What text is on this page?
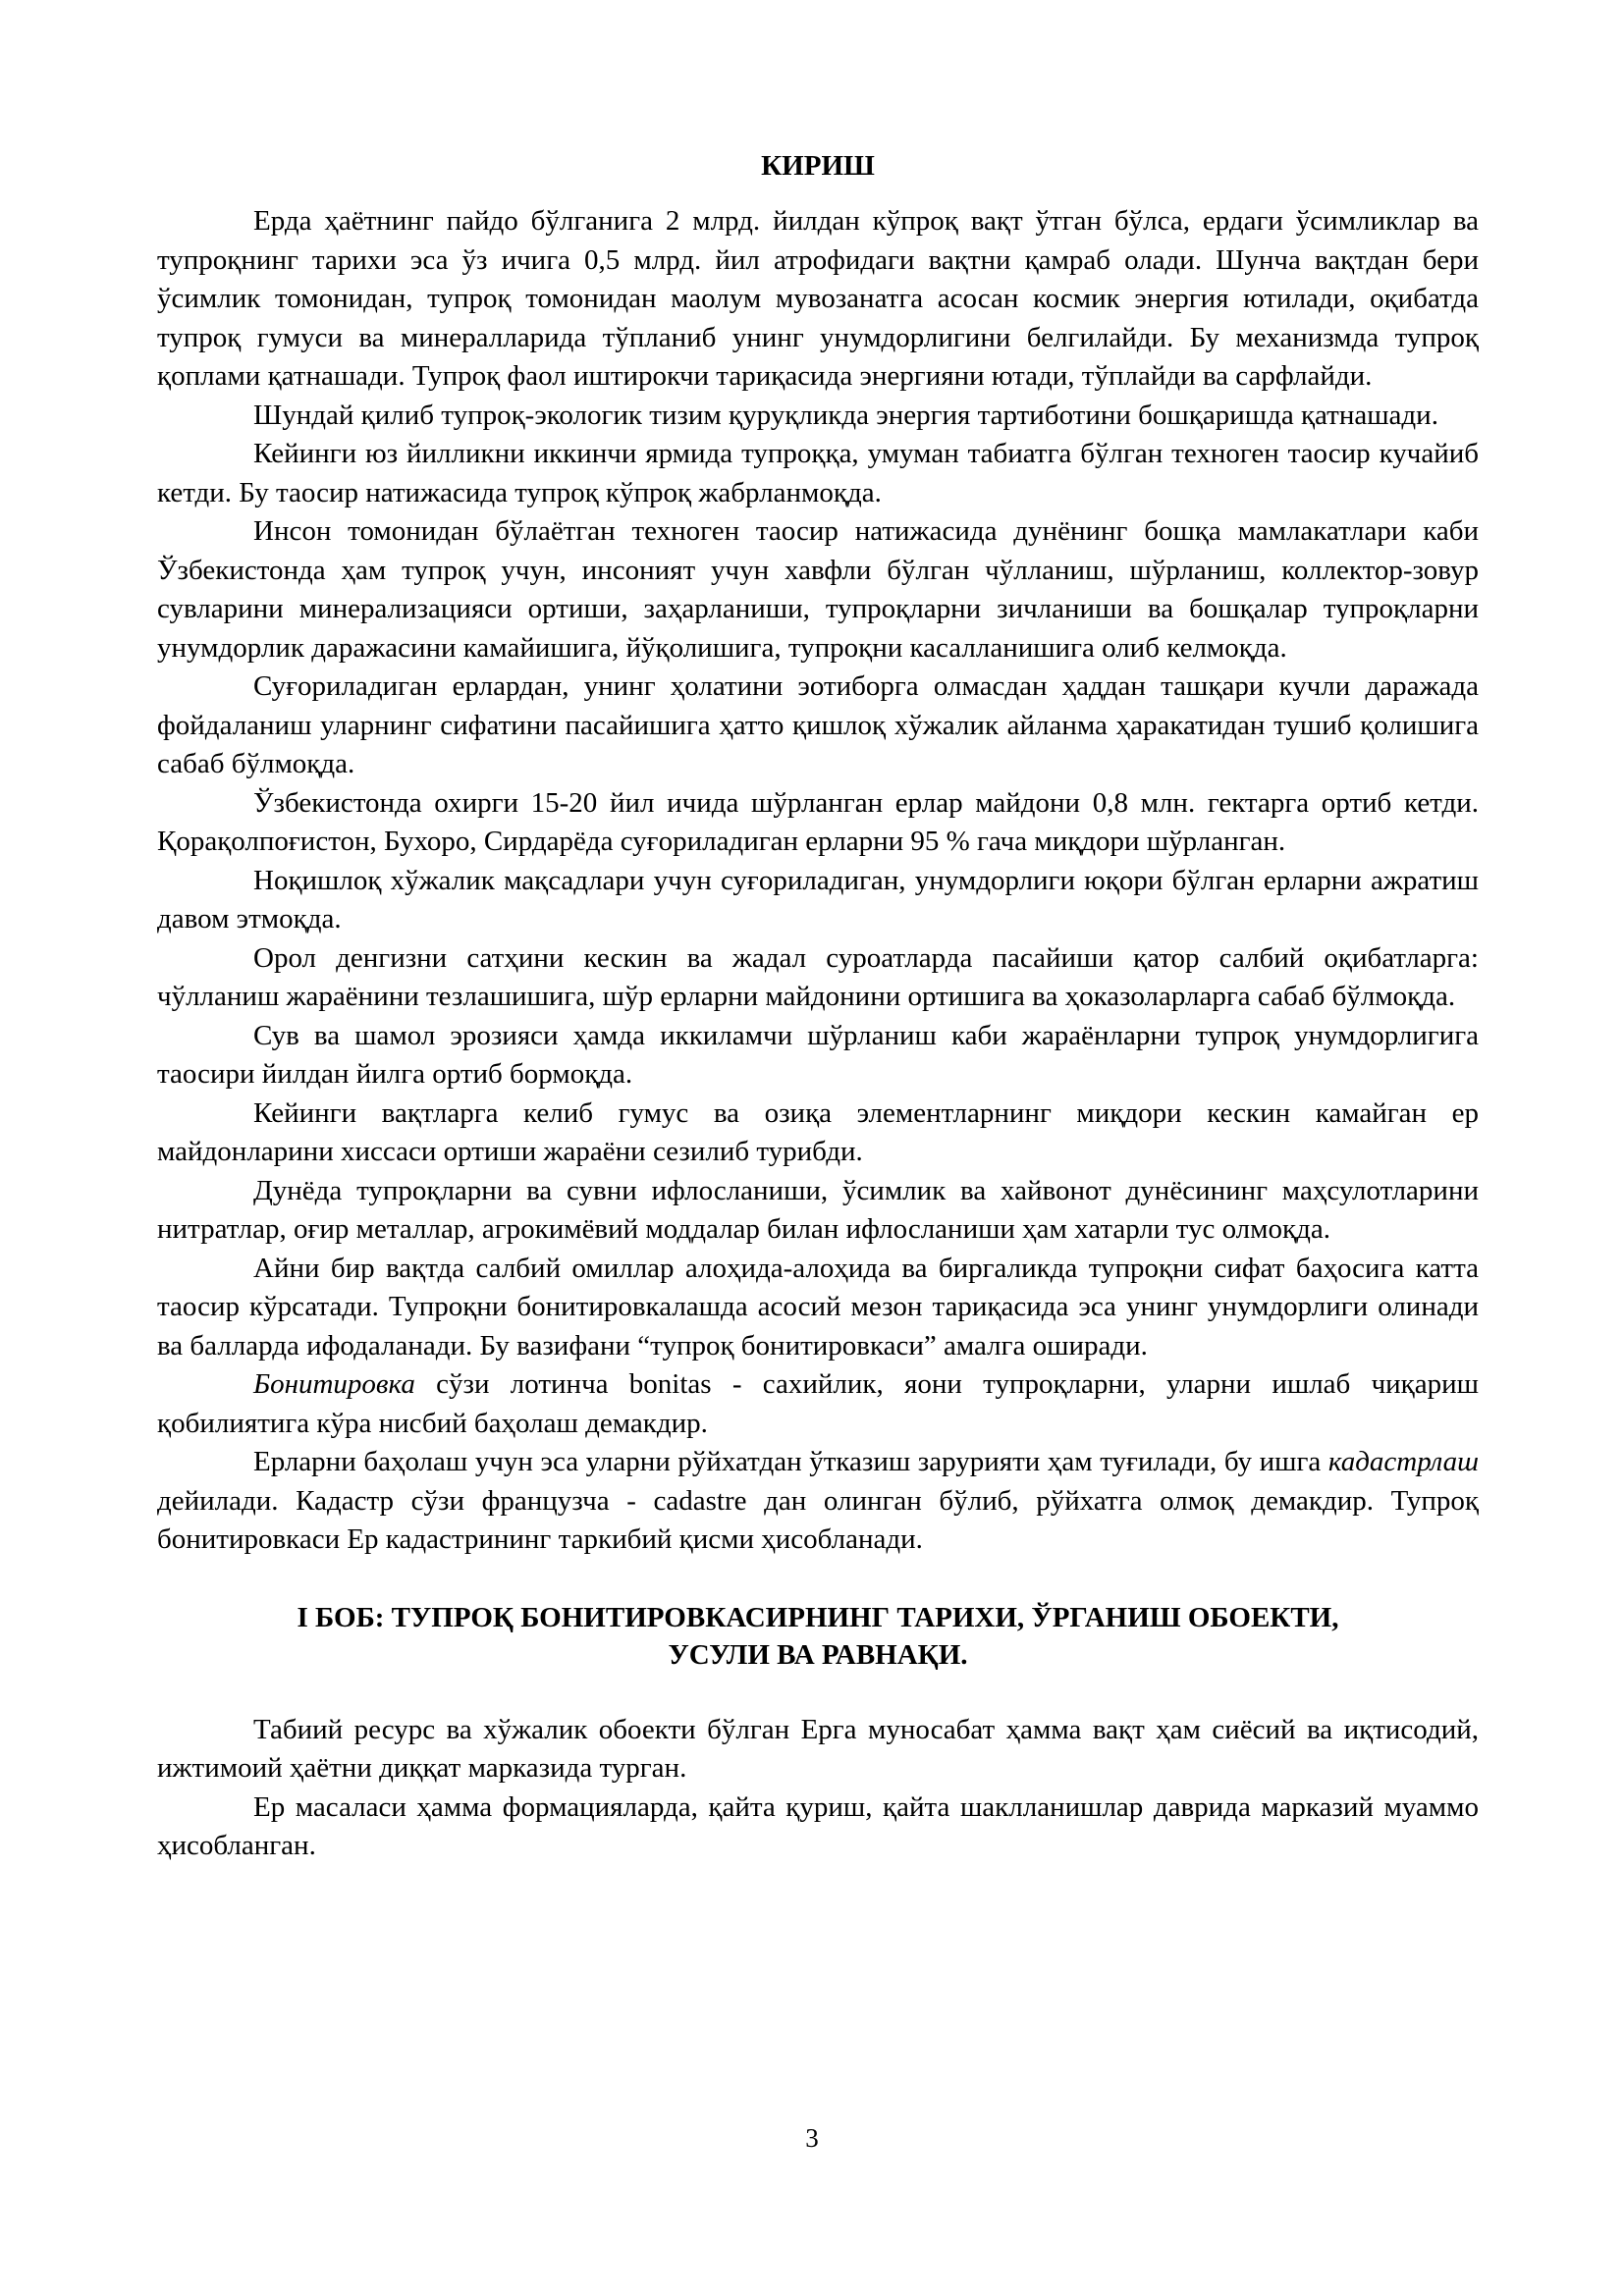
КИРИШ

Ерда ҳаётнинг пайдо бўлганига 2 млрд. йилдан кўпроқ вақт ўтган бўлса, ердаги ўсимликлар ва тупроқнинг тарихи эса ўз ичига 0,5 млрд. йил атрофидаги вақтни қамраб олади. Шунча вақтдан бери ўсимлик томонидан, тупроқ томонидан маолум мувозанатга асосан космик энергия ютилади, оқибатда тупроқ гумуси ва минералларида тўпланиб унинг унумдорлигини белгилайди. Бу механизмда тупроқ қоплами қатнашади. Тупроқ фаол иштирокчи тариқасида энергияни ютади, тўплайди ва сарфлайди.

Шундай қилиб тупроқ-экологик тизим қуруқликда энергия тартиботини бошқаришда қатнашади.

Кейинги юз йилликни иккинчи ярмида тупроққа, умуман табиатга бўлган техноген таосир кучайиб кетди. Бу таосир натижасида тупроқ кўпроқ жабрланмоқда.

Инсон томонидан бўлаётган техноген таосир натижасида дунёнинг бошқа мамлакатлари каби Ўзбекистонда ҳам тупроқ учун, инсоният учун хавфли бўлган чўлланиш, шўрланиш, коллектор-зовур сувларини минерализацияси ортиши, заҳарланиши, тупроқларни зичланиши ва бошқалар тупроқларни унумдорлик даражасини камайишига, йўқолишига, тупроқни касалланишига олиб келмоқда.

Суғориладиган ерлардан, унинг ҳолатини эотиборга олмасдан ҳаддан ташқари кучли даражада фойдаланиш уларнинг сифатини пасайишига ҳатто қишлоқ хўжалик айланма ҳаракатидан тушиб қолишига сабаб бўлмоқда.

Ўзбекистонда охирги 15-20 йил ичида шўрланган ерлар майдони 0,8 млн. гектарга ортиб кетди. Қорақолпоғистон, Бухоро, Сирдарёда суғориладиган ерларни 95 % гача миқдори шўрланган.

Ноқишлоқ хўжалик мақсадлари учун суғориладиган, унумдорлиги юқори бўлган ерларни ажратиш давом этмоқда.

Орол денгизни сатҳини кескин ва жадал суроатларда пасайиши қатор салбий оқибатларга: чўлланиш жараёнини тезлашишига, шўр ерларни майдонини ортишига ва ҳоказоларларга сабаб бўлмоқда.

Сув ва шамол эрозияси ҳамда иккиламчи шўрланиш каби жараёнларни тупроқ унумдорлигига таосири йилдан йилга ортиб бормоқда.

Кейинги вақтларга келиб гумус ва озиқа элементларнинг миқдори кескин камайган ер майдонларини хиссаси ортиши жараёни сезилиб турибди.

Дунёда тупроқларни ва сувни ифлосланиши, ўсимлик ва хайвонот дунёсининг маҳсулотларини нитратлар, оғир металлар, агрокимёвий моддалар билан ифлосланиши ҳам хатарли тус олмоқда.

Айни бир вақтда салбий омиллар алоҳида-алоҳида ва биргаликда тупроқни сифат баҳосига катта таосир кўрсатади. Тупроқни бонитировкалашда асосий мезон тариқасида эса унинг унумдорлиги олинади ва балларда ифодаланади. Бу вазифани “тупроқ бонитировкаси” амалга оширади.

Бонитировка сўзи лотинча bonitas - сахийлик, яони тупроқларни, уларни ишлаб чиқариш қобилиятига кўра нисбий баҳолаш демакдир.

Ерларни баҳолаш учун эса уларни рўйхатдан ўтказиш зарурияти ҳам туғилади, бу ишга кадастрлаш дейилади. Кадастр сўзи французча - cadastre дан олинган бўлиб, рўйхатга олмоқ демакдир. Тупроқ бонитировкаси Ер кадастрининг таркибий қисми ҳисобланади.

I БОБ: ТУПРОҚ БОНИТИРОВКАСИРНИНГ ТАРИХИ, ЎРГАНИШ ОБОЕКТИ,
УСУЛИ ВА РАВНАҚИ.

Табиий ресурс ва хўжалик обоекти бўлган Ерга муносабат ҳамма вақт ҳам сиёсий ва иқтисодий, ижтимоий ҳаётни диққат марказида турган.

Ер масаласи ҳамма формацияларда, қайта қуриш, қайта шаклланишлар даврида марказий муаммо ҳисобланган.

3
